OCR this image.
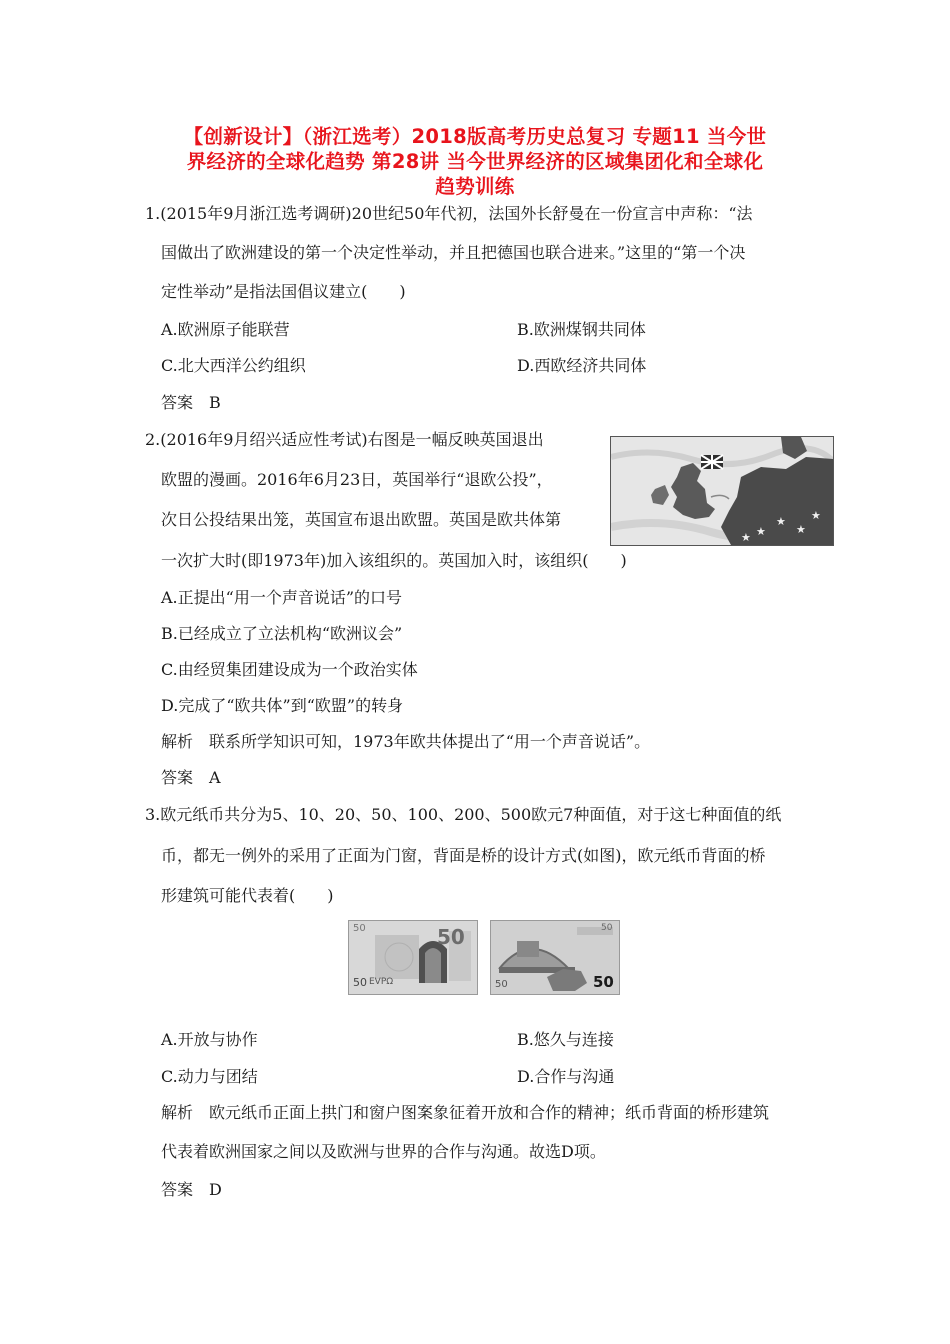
【创新设计】（浙江选考）2018版高考历史总复习 专题11 当今世
界经济的全球化趋势 第28讲 当今世界经济的区域集团化和全球化
趋势训练
1.(2015年9月浙江选考调研)20世纪50年代初，法国外长舒曼在一份宣言中声称：“法
国做出了欧洲建设的第一个决定性举动，并且把德国也联合进来。”这里的“第一个决
定性举动”是指法国倡议建立(　　)
A.欧洲原子能联营	B.欧洲煤钢共同体
C.北大西洋公约组织	D.西欧经济共同体
答案　B
2.(2016年9月绍兴适应性考试)右图是一幅反映英国退出
欧盟的漫画。2016年6月23日，英国举行“退欧公投”，
次日公投结果出笼，英国宣布退出欧盟。英国是欧共体第
一次扩大时(即1973年)加入该组织的。英国加入时，该组织(　　)
★
★
★
★
★
A.正提出“用一个声音说话”的口号
B.已经成立了立法机构“欧洲议会”
C.由经贸集团建设成为一个政治实体
D.完成了“欧共体”到“欧盟”的转身
解析　联系所学知识可知，1973年欧共体提出了“用一个声音说话”。
答案　A
3.欧元纸币共分为5、10、20、50、100、200、500欧元7种面值，对于这七种面值的纸
币，都无一例外的采用了正面为门窗，背面是桥的设计方式(如图)，欧元纸币背面的桥
形建筑可能代表着(　　)
50	50
50 EVPΩ
50
50	50
A.开放与协作	B.悠久与连接
C.动力与团结	D.合作与沟通
解析　欧元纸币正面上拱门和窗户图案象征着开放和合作的精神；纸币背面的桥形建筑
代表着欧洲国家之间以及欧洲与世界的合作与沟通。故选D项。
答案　D
